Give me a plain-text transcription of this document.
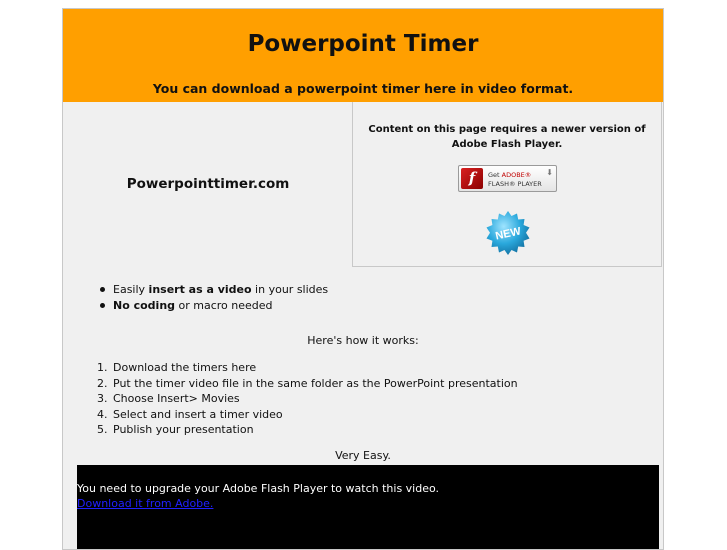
Powerpoint Timer
You can download a powerpoint timer here in video format.
Powerpointtimer.com
Content on this page requires a newer version of Adobe Flash Player.
f	Get ADOBE®
FLASH® PLAYER
⬇
NEW
Easily insert as a video in your slides
No coding or macro needed
Here's how it works:
1. Download the timers here
2. Put the timer video file in the same folder as the PowerPoint presentation
3. Choose Insert> Movies
4. Select and insert a timer video
5. Publish your presentation
Very Easy.
You need to upgrade your Adobe Flash Player to watch this video.
Download it from Adobe.
